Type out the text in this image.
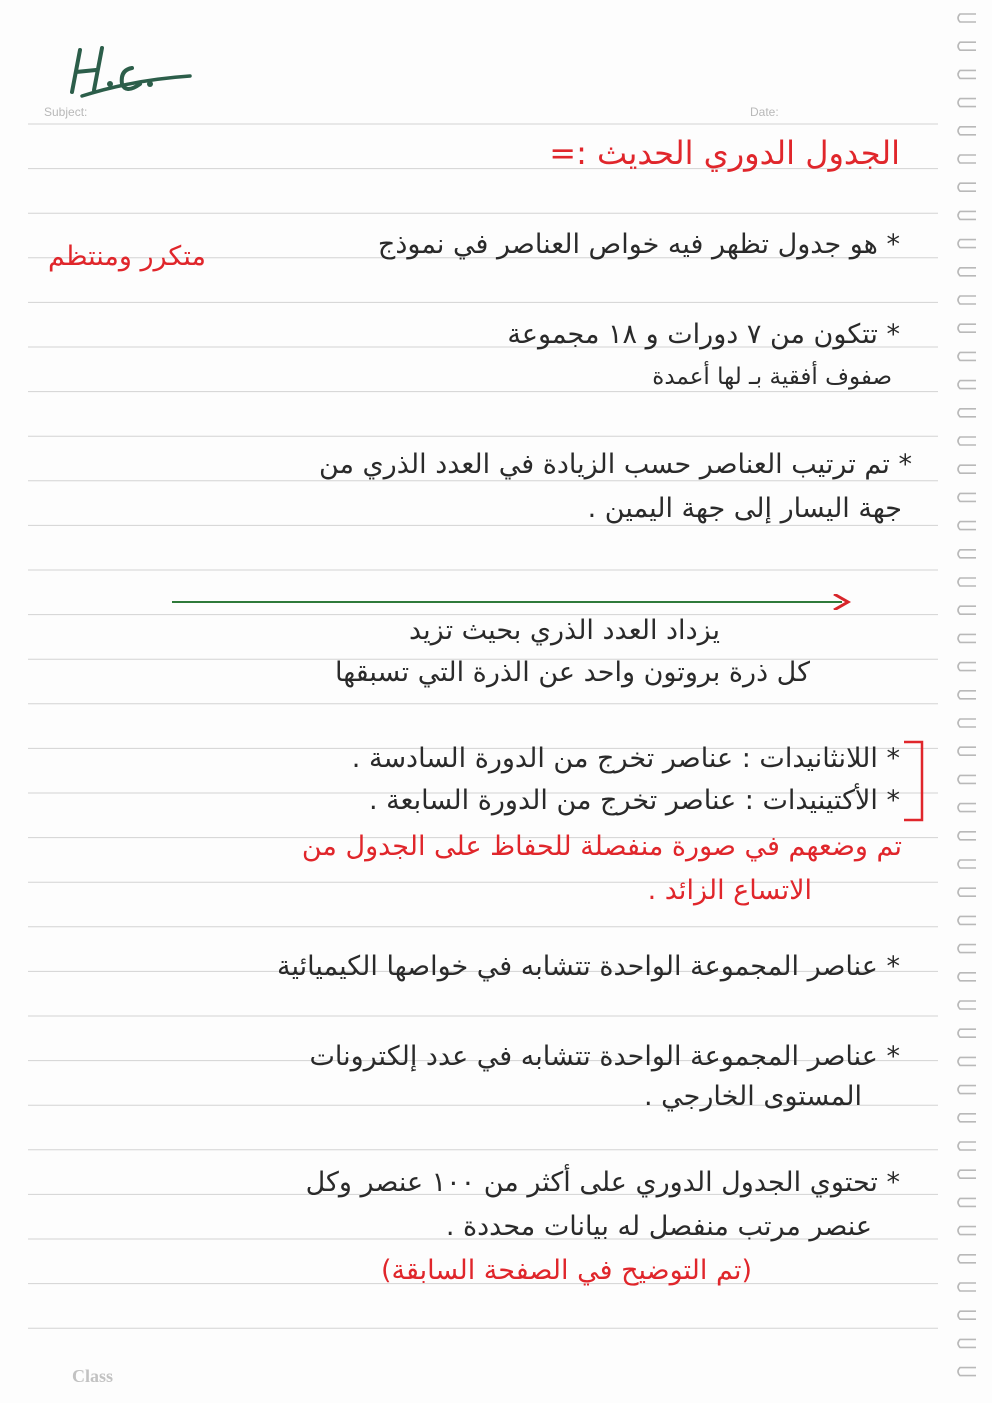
Subject:	Date:
الجدول الدوري الحديث :=
* هو جدول تظهر فيه خواص العناصر في نموذج
متكرر ومنتظم
* تتكون من ٧ دورات و ١٨ مجموعة
صفوف أفقية بـ لها أعمدة
* تم ترتيب العناصر حسب الزيادة في العدد الذري من
جهة اليسار إلى جهة اليمين .
يزداد العدد الذري بحيث تزيد
كل ذرة بروتون واحد عن الذرة التي تسبقها
* اللانثانيدات : عناصر تخرج من الدورة السادسة .
* الأكتينيدات : عناصر تخرج من الدورة السابعة .
تم وضعهم في صورة منفصلة للحفاظ على الجدول من
الاتساع الزائد .
* عناصر المجموعة الواحدة تتشابه في خواصها الكيميائية
* عناصر المجموعة الواحدة تتشابه في عدد إلكترونات
المستوى الخارجي .
* تحتوي الجدول الدوري على أكثر من ١٠٠ عنصر وكل
عنصر مرتب منفصل له بيانات محددة .
(تم التوضيح في الصفحة السابقة)
Class
